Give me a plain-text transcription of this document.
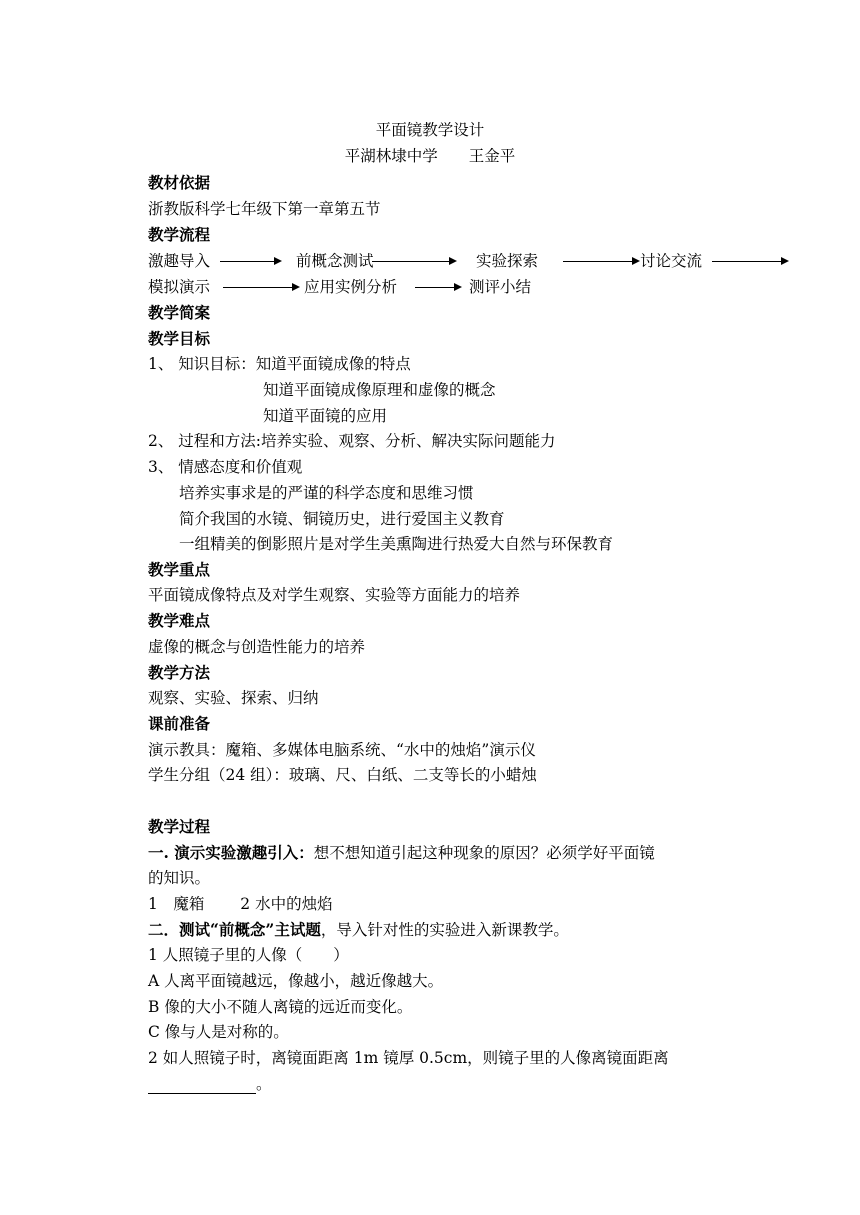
平面镜教学设计
平湖林埭中学　　王金平
教材依据
浙教版科学七年级下第一章第五节
教学流程
激趣导入	前概念测试	实验探索	讨论交流
模拟演示	应用实例分析	测评小结
教学简案
教学目标
1、 知识目标：知道平面镜成像的特点
知道平面镜成像原理和虚像的概念
知道平面镜的应用
2、 过程和方法:培养实验、观察、分析、解决实际问题能力
3、 情感态度和价值观
培养实事求是的严谨的科学态度和思维习惯
简介我国的水镜、铜镜历史，进行爱国主义教育
一组精美的倒影照片是对学生美熏陶进行热爱大自然与环保教育
教学重点
平面镜成像特点及对学生观察、实验等方面能力的培养
教学难点
虚像的概念与创造性能力的培养
教学方法
观察、实验、探索、归纳
课前准备
演示教具：魔箱、多媒体电脑系统、“水中的烛焰”演示仪
学生分组（24 组）：玻璃、尺、白纸、二支等长的小蜡烛
教学过程
一. 演示实验激趣引入：想不想知道引起这种现象的原因？必须学好平面镜
的知识。
1　魔箱　　 2 水中的烛焰
二．测试“前概念”主试题，导入针对性的实验进入新课教学。
1 人照镜子里的人像（　　）
A 人离平面镜越远，像越小，越近像越大。
B 像的大小不随人离镜的远近而变化。
C 像与人是对称的。
2 如人照镜子时，离镜面距离 1m 镜厚 0.5cm，则镜子里的人像离镜面距离
。
